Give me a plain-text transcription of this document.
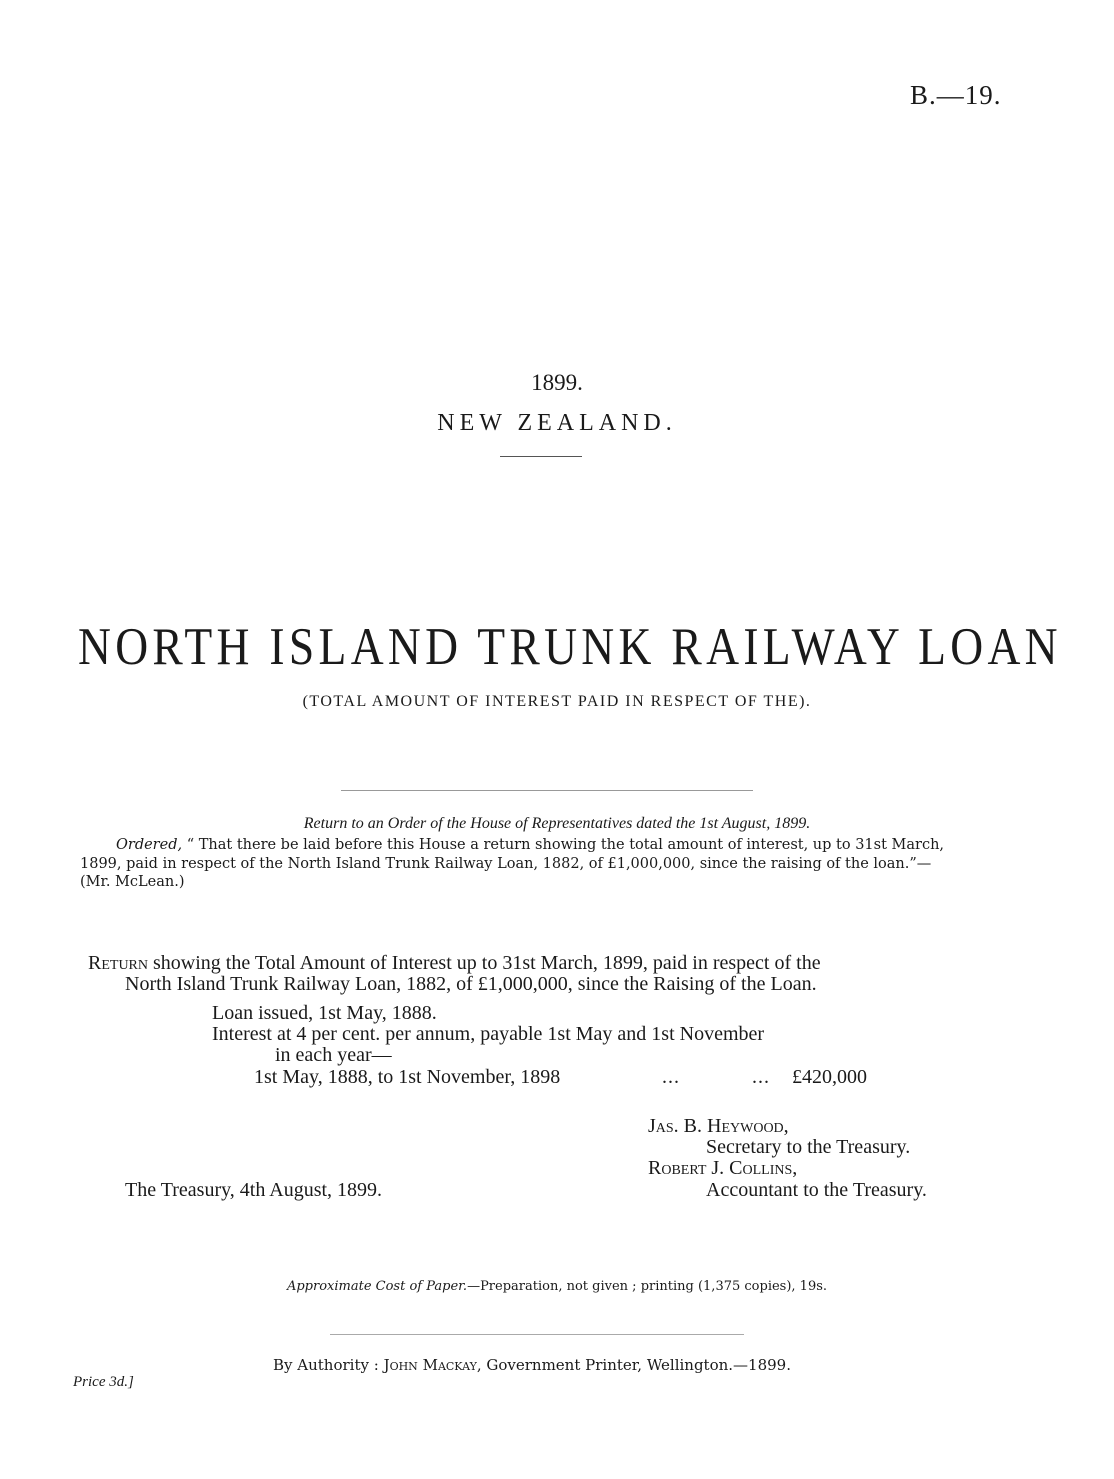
B.—19.
1899.
NEW ZEALAND.
NORTH ISLAND TRUNK RAILWAY LOAN
(TOTAL AMOUNT OF INTEREST PAID IN RESPECT OF THE).
Return to an Order of the House of Representatives dated the 1st August, 1899.
Ordered, “ That there be laid before this House a return showing the total amount of interest, up to 31st March,
1899, paid in respect of the North Island Trunk Railway Loan, 1882, of £1,000,000, since the raising of the loan.”—
(Mr. McLean.)
Return showing the Total Amount of Interest up to 31st March, 1899, paid in respect of the
North Island Trunk Railway Loan, 1882, of £1,000,000, since the Raising of the Loan.
Loan issued, 1st May, 1888.
Interest at 4 per cent. per annum, payable 1st May and 1st November
in each year—
1st May, 1888, to 1st November, 1898	...	... £420,000
Jas. B. Heywood,
Secretary to the Treasury.
Robert J. Collins,
Accountant to the Treasury.
The Treasury, 4th August, 1899.
Approximate Cost of Paper.—Preparation, not given ; printing (1,375 copies), 19s.
By Authority : John Mackay, Government Printer, Wellington.—1899.
Price 3d.]
